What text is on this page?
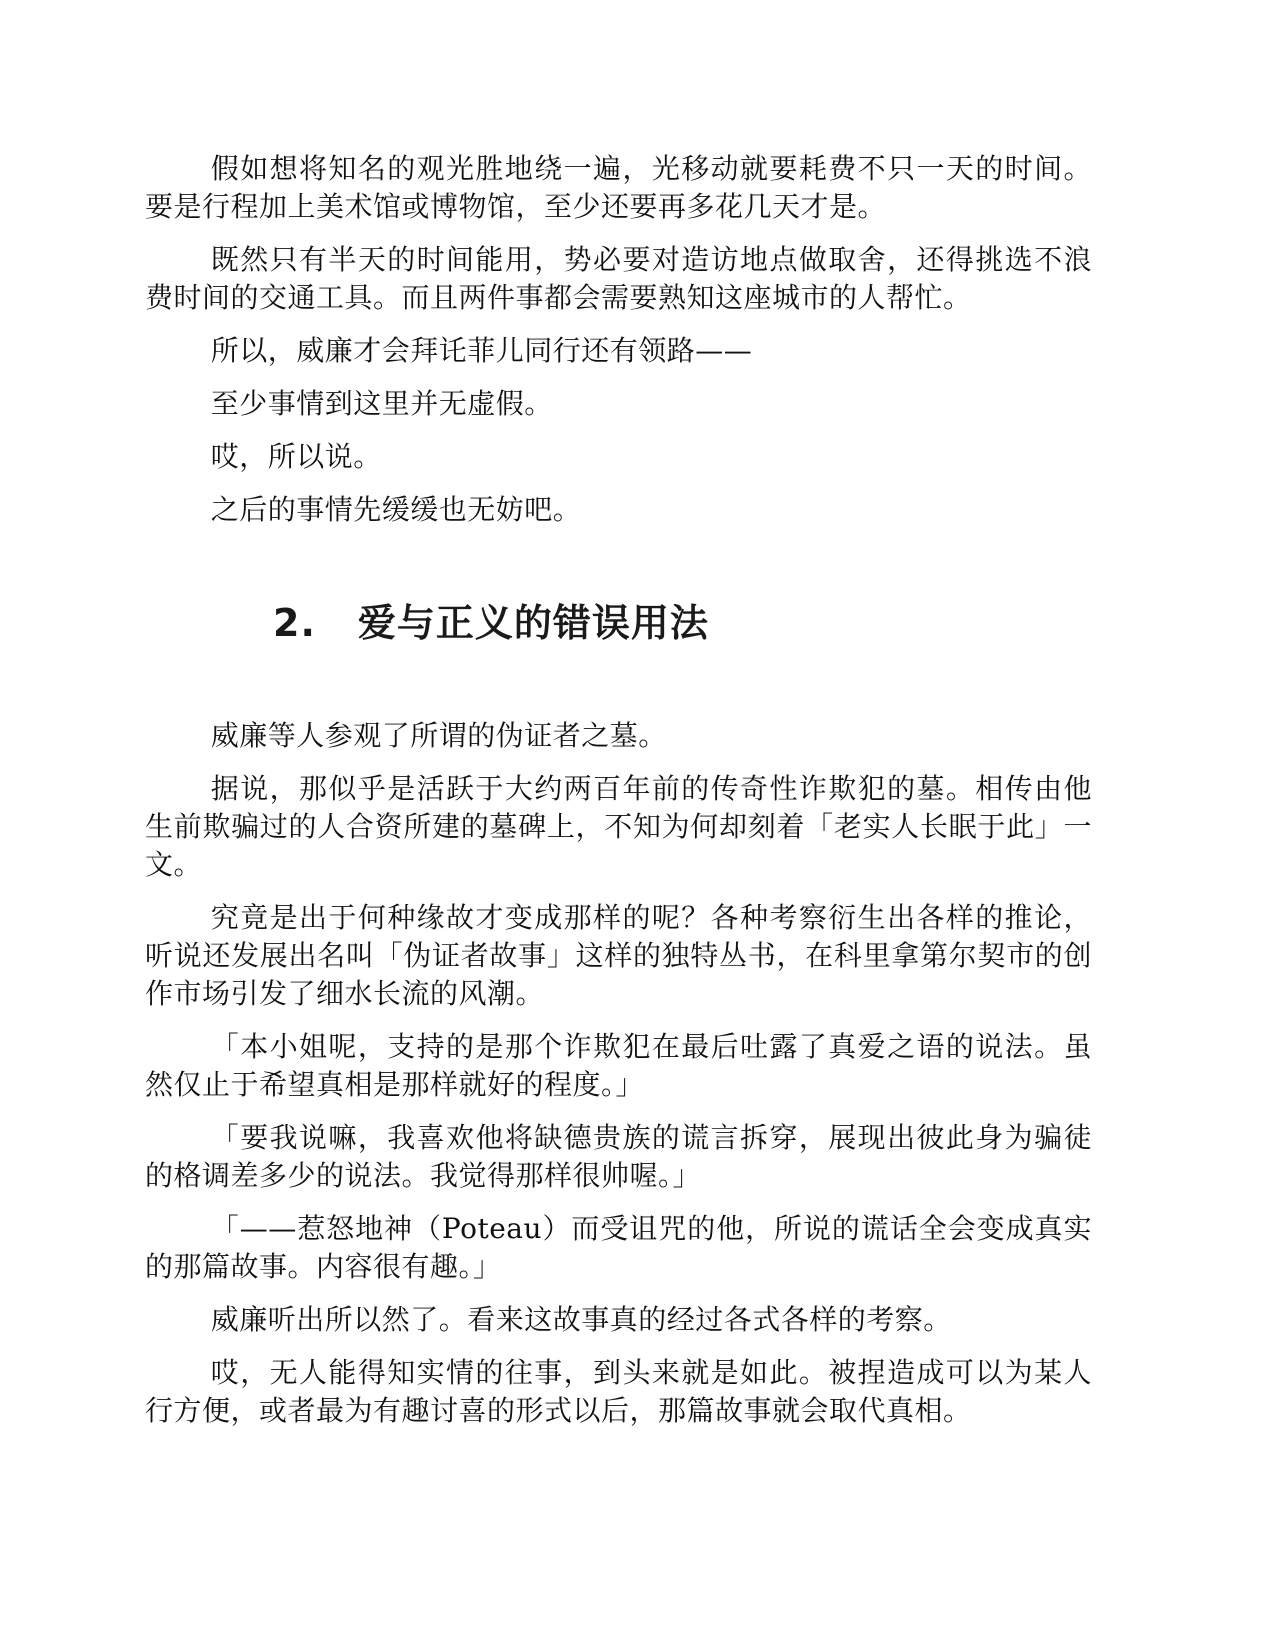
假如想将知名的观光胜地绕一遍，光移动就要耗费不只一天的时间。要是行程加上美术馆或博物馆，至少还要再多花几天才是。

既然只有半天的时间能用，势必要对造访地点做取舍，还得挑选不浪费时间的交通工具。而且两件事都会需要熟知这座城市的人帮忙。

所以，威廉才会拜讬菲儿同行还有领路——

至少事情到这里并无虚假。

哎，所以说。

之后的事情先缓缓也无妨吧。

2. 爱与正义的错误用法

威廉等人参观了所谓的伪证者之墓。

据说，那似乎是活跃于大约两百年前的传奇性诈欺犯的墓。相传由他生前欺骗过的人合资所建的墓碑上，不知为何却刻着「老实人长眠于此」一文。

究竟是出于何种缘故才变成那样的呢？各种考察衍生出各样的推论，听说还发展出名叫「伪证者故事」这样的独特丛书，在科里拿第尔契市的创作市场引发了细水长流的风潮。

「本小姐呢，支持的是那个诈欺犯在最后吐露了真爱之语的说法。虽然仅止于希望真相是那样就好的程度。」

「要我说嘛，我喜欢他将缺德贵族的谎言拆穿，展现出彼此身为骗徒的格调差多少的说法。我觉得那样很帅喔。」

「——惹怒地神（Poteau）而受诅咒的他，所说的谎话全会变成真实的那篇故事。内容很有趣。」

威廉听出所以然了。看来这故事真的经过各式各样的考察。

哎，无人能得知实情的往事，到头来就是如此。被捏造成可以为某人行方便，或者最为有趣讨喜的形式以后，那篇故事就会取代真相。
